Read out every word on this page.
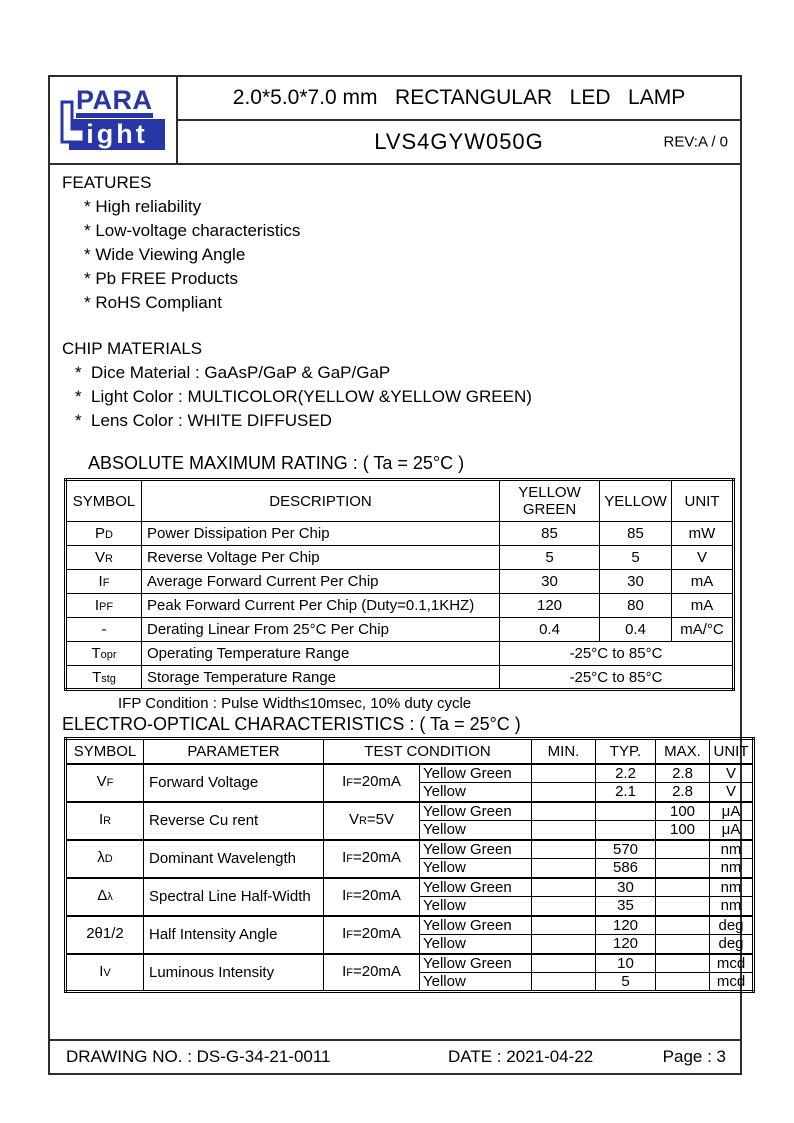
PARA
ight
2.0*5.0*7.0 mm   RECTANGULAR   LED   LAMP
LVS4GYW050G	REV:A / 0
FEATURES
* High reliability
* Low-voltage characteristics
* Wide Viewing Angle
* Pb FREE Products
* RoHS Compliant
CHIP MATERIALS
*  Dice Material : GaAsP/GaP & GaP/GaP
*  Light Color : MULTICOLOR(YELLOW &YELLOW GREEN)
*  Lens Color : WHITE DIFFUSED
ABSOLUTE MAXIMUM RATING : ( Ta = 25°C )
SYMBOL	DESCRIPTION	YELLOW GREEN	YELLOW	UNIT
PD	Power Dissipation Per Chip	85	85	mW
VR	Reverse Voltage Per Chip	5	5	V
IF	Average Forward Current Per Chip	30	30	mA
IPF	Peak Forward Current Per Chip (Duty=0.1,1KHZ)	120	80	mA
-	Derating Linear From 25°C Per Chip	0.4	0.4	mA/°C
Topr	Operating Temperature Range	-25°C to 85°C		
Tstg	Storage Temperature Range	-25°C to 85°C		
IFP Condition : Pulse Width≤10msec, 10% duty cycle
ELECTRO-OPTICAL CHARACTERISTICS : ( Ta = 25°C )
SYMBOL	PARAMETER	TEST CONDITION		MIN.	TYP.	MAX.	UNIT
VF	Forward Voltage	IF=20mA	Yellow Green		2.2	2.8	V
			Yellow		2.1	2.8	V
IR	Reverse Cu rent	VR=5V	Yellow Green			100	μA
			Yellow			100	μA
λD	Dominant Wavelength	IF=20mA	Yellow Green		570		nm
			Yellow		586		nm
Δλ	Spectral Line Half-Width	IF=20mA	Yellow Green		30		nm
			Yellow		35		nm
2θ1/2	Half Intensity Angle	IF=20mA	Yellow Green		120		deg
			Yellow		120		deg
IV	Luminous Intensity	IF=20mA	Yellow Green		10		mcd
			Yellow		5		mcd
DRAWING NO. : DS-G-34-21-0011	DATE : 2021-04-22	Page : 3
